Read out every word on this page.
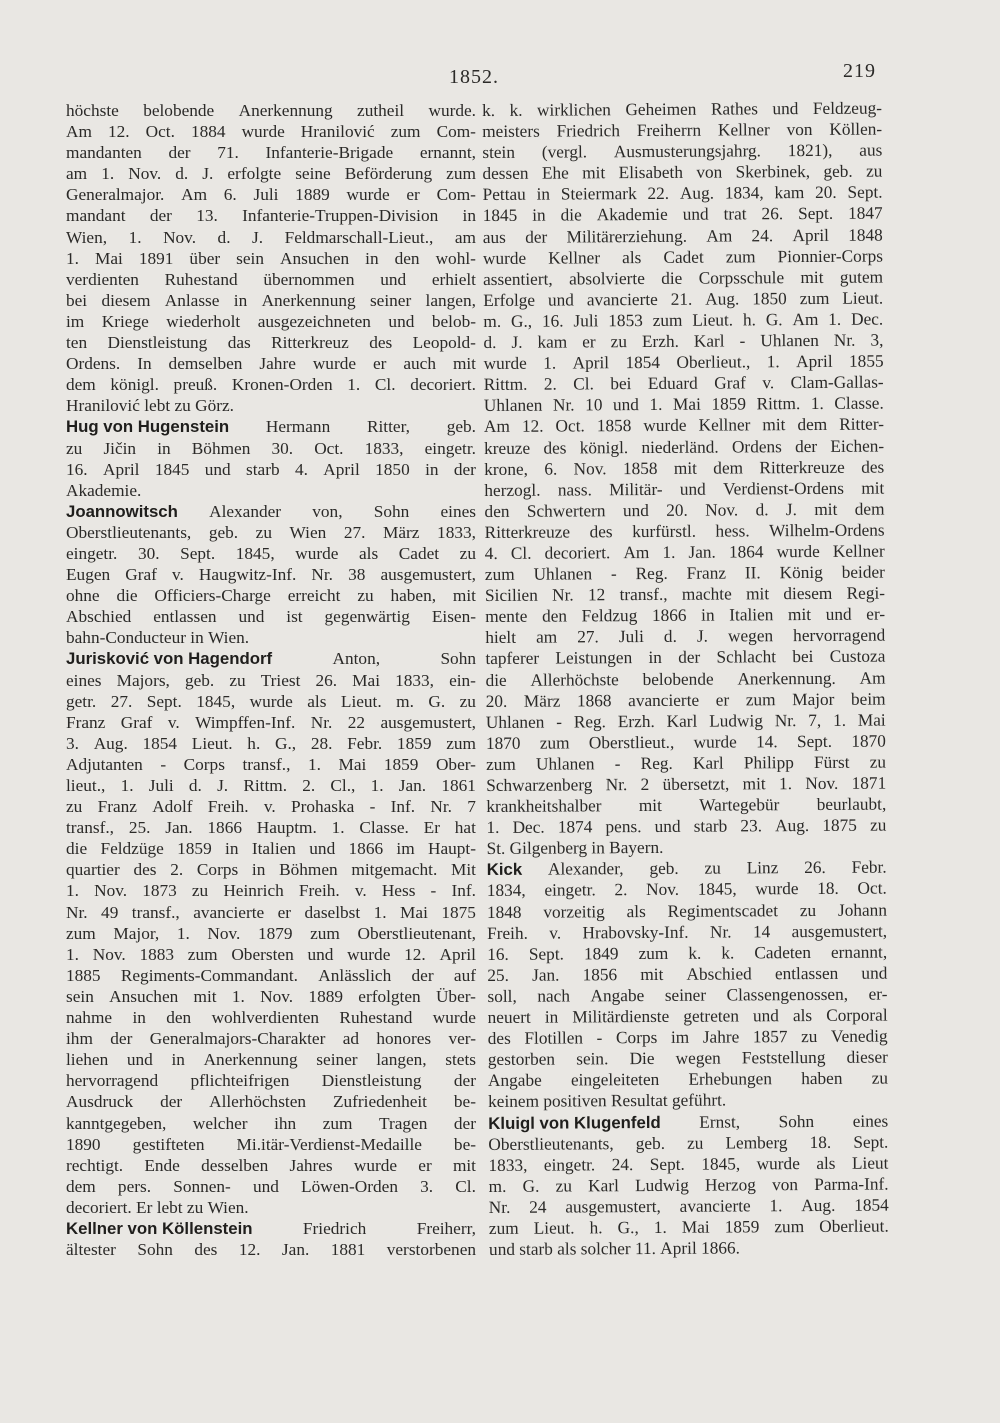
1852.	219
höchste belobende Anerkennung zutheil wurde.
Am 12. Oct. 1884 wurde Hranilović zum Com-
mandanten der 71. Infanterie-Brigade ernannt,
am 1. Nov. d. J. erfolgte seine Beförderung zum
Generalmajor. Am 6. Juli 1889 wurde er Com-
mandant der 13. Infanterie-Truppen-Division in
Wien, 1. Nov. d. J. Feldmarschall-Lieut., am
1. Mai 1891 über sein Ansuchen in den wohl-
verdienten Ruhestand übernommen und erhielt
bei diesem Anlasse in Anerkennung seiner langen,
im Kriege wiederholt ausgezeichneten und belob-
ten Dienstleistung das Ritterkreuz des Leopold-
Ordens. In demselben Jahre wurde er auch mit
dem königl. preuß. Kronen-Orden 1. Cl. decoriert.
Hranilović lebt zu Görz.
Hug von Hugenstein Hermann Ritter, geb.
zu Jičin in Böhmen 30. Oct. 1833, eingetr.
16. April 1845 und starb 4. April 1850 in der
Akademie.
Joannowitsch Alexander von, Sohn eines
Oberstlieutenants, geb. zu Wien 27. März 1833,
eingetr. 30. Sept. 1845, wurde als Cadet zu
Eugen Graf v. Haugwitz-Inf. Nr. 38 ausgemustert,
ohne die Officiers-Charge erreicht zu haben, mit
Abschied entlassen und ist gegenwärtig Eisen-
bahn-Conducteur in Wien.
Jurisković von Hagendorf	Anton,	Sohn
eines Majors, geb. zu Triest 26. Mai 1833, ein-
getr. 27. Sept. 1845, wurde als Lieut. m. G. zu
Franz Graf v. Wimpffen-Inf. Nr. 22 ausgemustert,
3. Aug. 1854 Lieut. h. G., 28. Febr. 1859 zum
Adjutanten - Corps transf., 1. Mai 1859 Ober-
lieut., 1. Juli d. J. Rittm. 2. Cl., 1. Jan. 1861
zu Franz Adolf Freih. v. Prohaska - Inf. Nr. 7
transf., 25. Jan. 1866 Hauptm. 1. Classe. Er hat
die Feldzüge 1859 in Italien und 1866 im Haupt-
quartier des 2. Corps in Böhmen mitgemacht. Mit
1. Nov. 1873 zu Heinrich Freih. v. Hess - Inf.
Nr. 49 transf., avancierte er daselbst 1. Mai 1875
zum Major, 1. Nov. 1879 zum Oberstlieutenant,
1. Nov. 1883 zum Obersten und wurde 12. April
1885 Regiments-Commandant. Anlässlich der auf
sein Ansuchen mit 1. Nov. 1889 erfolgten Über-
nahme in den wohlverdienten Ruhestand wurde
ihm der Generalmajors-Charakter ad honores ver-
liehen und in Anerkennung seiner langen, stets
hervorragend pflichteifrigen Dienstleistung der
Ausdruck der Allerhöchsten Zufriedenheit be-
kanntgegeben, welcher ihn zum Tragen der
1890 gestifteten Mi.itär-Verdienst-Medaille be-
rechtigt. Ende desselben Jahres wurde er mit
dem pers. Sonnen- und Löwen-Orden 3. Cl.
decoriert. Er lebt zu Wien.
Kellner von Köllenstein	Friedrich	Freiherr,
ältester Sohn des 12. Jan. 1881 verstorbenen
k. k. wirklichen Geheimen Rathes und Feldzeug-
meisters Friedrich Freiherrn Kellner von Köllen-
stein (vergl. Ausmusterungsjahrg. 1821), aus
dessen Ehe mit Elisabeth von Skerbinek, geb. zu
Pettau in Steiermark 22. Aug. 1834, kam 20. Sept.
1845 in die Akademie und trat 26. Sept. 1847
aus der Militärerziehung. Am 24. April 1848
wurde Kellner als Cadet zum Pionnier-Corps
assentiert, absolvierte die Corpsschule mit gutem
Erfolge und avancierte 21. Aug. 1850 zum Lieut.
m. G., 16. Juli 1853 zum Lieut. h. G. Am 1. Dec.
d. J. kam er zu Erzh. Karl - Uhlanen Nr. 3,
wurde 1. April 1854 Oberlieut., 1. April 1855
Rittm. 2. Cl. bei Eduard Graf v. Clam-Gallas-
Uhlanen Nr. 10 und 1. Mai 1859 Rittm. 1. Classe.
Am 12. Oct. 1858 wurde Kellner mit dem Ritter-
kreuze des königl. niederländ. Ordens der Eichen-
krone, 6. Nov. 1858 mit dem Ritterkreuze des
herzogl. nass. Militär- und Verdienst-Ordens mit
den Schwertern und 20. Nov. d. J. mit dem
Ritterkreuze des kurfürstl. hess. Wilhelm-Ordens
4. Cl. decoriert. Am 1. Jan. 1864 wurde Kellner
zum Uhlanen - Reg. Franz II. König beider
Sicilien Nr. 12 transf., machte mit diesem Regi-
mente den Feldzug 1866 in Italien mit und er-
hielt am 27. Juli d. J. wegen hervorragend
tapferer Leistungen in der Schlacht bei Custoza
die Allerhöchste belobende Anerkennung. Am
20. März 1868 avancierte er zum Major beim
Uhlanen - Reg. Erzh. Karl Ludwig Nr. 7, 1. Mai
1870 zum Oberstlieut., wurde 14. Sept. 1870
zum Uhlanen - Reg. Karl Philipp Fürst zu
Schwarzenberg Nr. 2 übersetzt, mit 1. Nov. 1871
krankheitshalber mit Wartegebür beurlaubt,
1. Dec. 1874 pens. und starb 23. Aug. 1875 zu
St. Gilgenberg in Bayern.
Kick Alexander, geb. zu Linz 26. Febr.
1834, eingetr. 2. Nov. 1845, wurde 18. Oct.
1848 vorzeitig als Regimentscadet zu Johann
Freih. v. Hrabovsky-Inf. Nr. 14 ausgemustert,
16. Sept. 1849 zum k. k. Cadeten ernannt,
25. Jan. 1856 mit Abschied entlassen und
soll, nach Angabe seiner Classengenossen, er-
neuert in Militärdienste getreten und als Corporal
des Flotillen - Corps im Jahre 1857 zu Venedig
gestorben sein. Die wegen Feststellung dieser
Angabe eingeleiteten Erhebungen haben zu
keinem positiven Resultat geführt.
Kluigl von Klugenfeld Ernst, Sohn eines
Oberstlieutenants, geb. zu Lemberg 18. Sept.
1833, eingetr. 24. Sept. 1845, wurde als Lieut
m. G. zu Karl Ludwig Herzog von Parma-Inf.
Nr. 24 ausgemustert, avancierte 1. Aug. 1854
zum Lieut. h. G., 1. Mai 1859 zum Oberlieut.
und starb als solcher 11. April 1866.
